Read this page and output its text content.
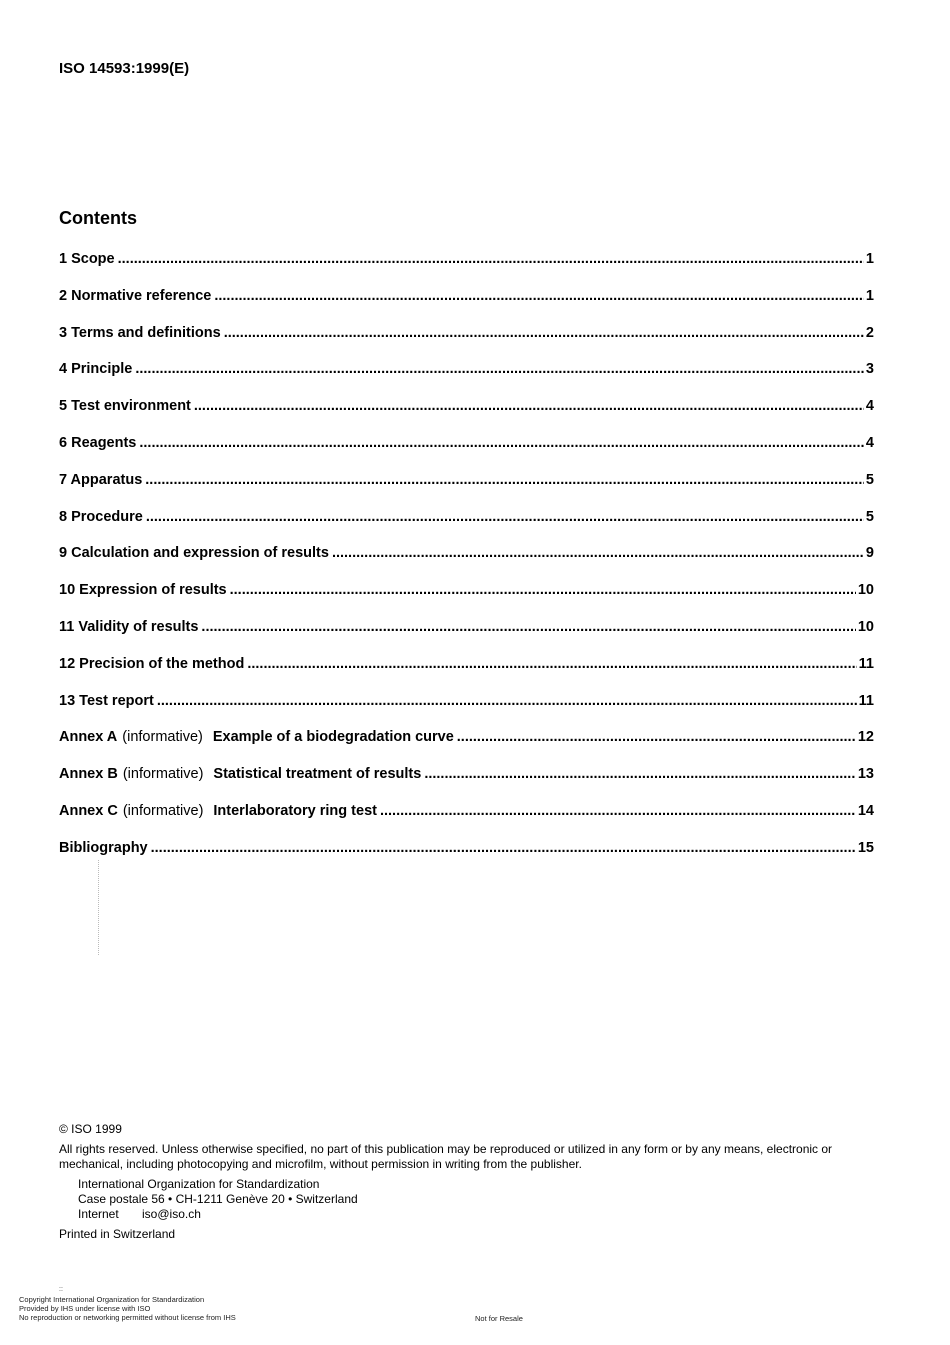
ISO 14593:1999(E)
Contents
1 Scope .....	1
2 Normative reference .....	1
3 Terms and definitions .....	2
4 Principle .....	3
5 Test environment .....	4
6 Reagents .....	4
7 Apparatus .....	5
8 Procedure .....	5
9 Calculation and expression of results .....	9
10 Expression of results .....	10
11 Validity of results .....	10
12 Precision of the method .....	11
13 Test report .....	11
Annex A (informative) Example of a biodegradation curve .....	12
Annex B (informative) Statistical treatment of results .....	13
Annex C (informative) Interlaboratory ring test .....	14
Bibliography .....	15
© ISO 1999
All rights reserved. Unless otherwise specified, no part of this publication may be reproduced or utilized in any form or by any means, electronic or mechanical, including photocopying and microfilm, without permission in writing from the publisher.
International Organization for Standardization
Case postale 56 • CH-1211 Genève 20 • Switzerland
Internet iso@iso.ch
Printed in Switzerland
::
Copyright International Organization for Standardization
Provided by IHS under license with ISO
No reproduction or networking permitted without license from IHS	Not for Resale
